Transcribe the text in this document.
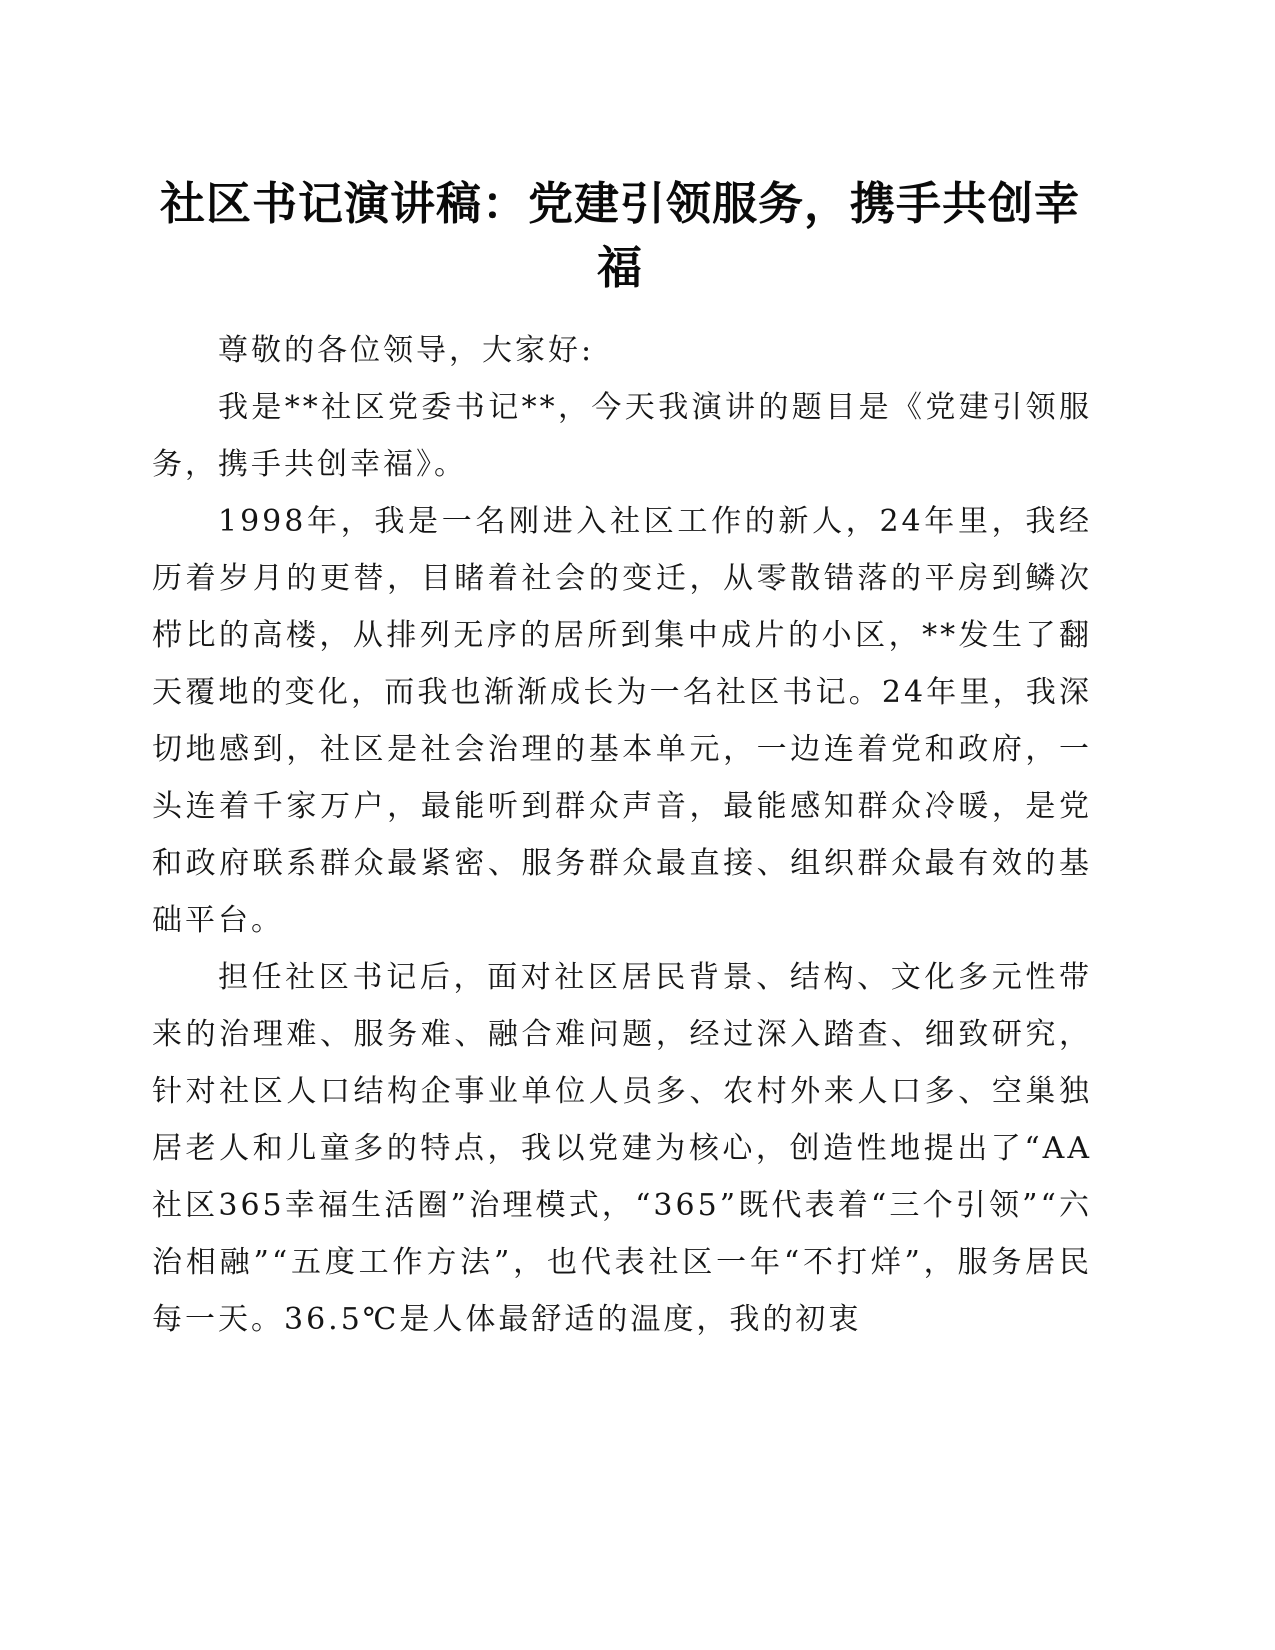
社区书记演讲稿：党建引领服务，携手共创幸福

尊敬的各位领导，大家好:

我是**社区党委书记**，今天我演讲的题目是《党建引领服务，携手共创幸福》。

1998年，我是一名刚进入社区工作的新人，24年里，我经历着岁月的更替，目睹着社会的变迁，从零散错落的平房到鳞次栉比的高楼，从排列无序的居所到集中成片的小区，**发生了翻天覆地的变化，而我也渐渐成长为一名社区书记。24年里，我深切地感到，社区是社会治理的基本单元，一边连着党和政府，一头连着千家万户，最能听到群众声音，最能感知群众冷暖，是党和政府联系群众最紧密、服务群众最直接、组织群众最有效的基础平台。

担任社区书记后，面对社区居民背景、结构、文化多元性带来的治理难、服务难、融合难问题，经过深入踏查、细致研究，针对社区人口结构企事业单位人员多、农村外来人口多、空巢独居老人和儿童多的特点，我以党建为核心，创造性地提出了“AA社区365幸福生活圈”治理模式，“365”既代表着“三个引领”“六治相融”“五度工作方法”，也代表社区一年“不打烊”，服务居民每一天。36.5℃是人体最舒适的温度，我的初衷
